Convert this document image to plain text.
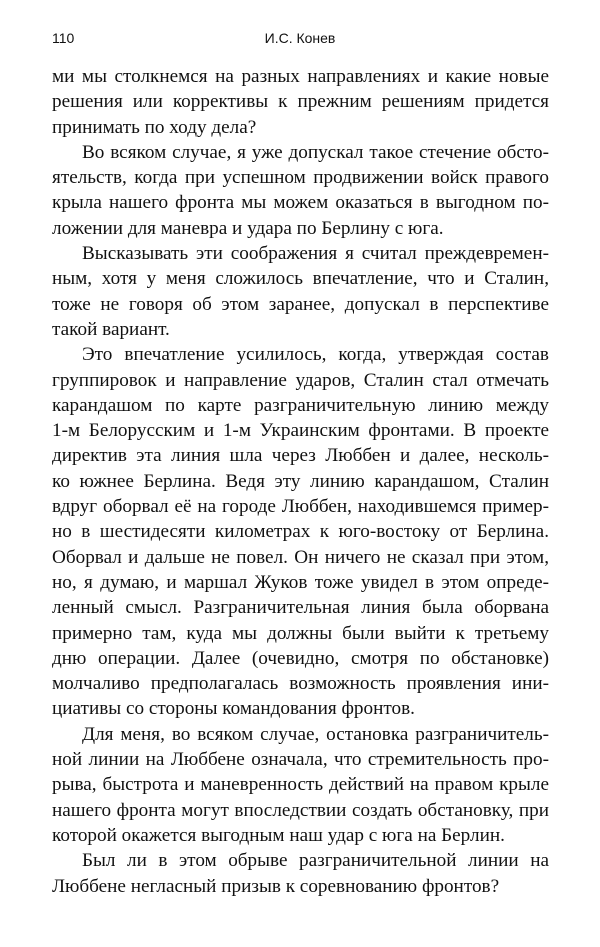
110	И.С. Конев
ми мы столкнемся на разных направлениях и какие новые
решения или коррективы к прежним решениям придется
принимать по ходу дела?
Во всяком случае, я уже допускал такое стечение обсто-
ятельств, когда при успешном продвижении войск правого
крыла нашего фронта мы можем оказаться в выгодном по-
ложении для маневра и удара по Берлину с юга.
Высказывать эти соображения я считал преждевремен-
ным, хотя у меня сложилось впечатление, что и Сталин,
тоже не говоря об этом заранее, допускал в перспективе
такой вариант.
Это впечатление усилилось, когда, утверждая состав
группировок и направление ударов, Сталин стал отмечать
карандашом по карте разграничительную линию между
1-м Белорусским и 1-м Украинским фронтами. В проекте
директив эта линия шла через Люббен и далее, несколь-
ко южнее Берлина. Ведя эту линию карандашом, Сталин
вдруг оборвал её на городе Люббен, находившемся пример-
но в шестидесяти километрах к юго-востоку от Берлина.
Оборвал и дальше не повел. Он ничего не сказал при этом,
но, я думаю, и маршал Жуков тоже увидел в этом опреде-
ленный смысл. Разграничительная линия была оборвана
примерно там, куда мы должны были выйти к третьему
дню операции. Далее (очевидно, смотря по обстановке)
молчаливо предполагалась возможность проявления ини-
циативы со стороны командования фронтов.
Для меня, во всяком случае, остановка разграничитель-
ной линии на Люббене означала, что стремительность про-
рыва, быстрота и маневренность действий на правом крыле
нашего фронта могут впоследствии создать обстановку, при
которой окажется выгодным наш удар с юга на Берлин.
Был ли в этом обрыве разграничительной линии на
Люббене негласный призыв к соревнованию фронтов?
